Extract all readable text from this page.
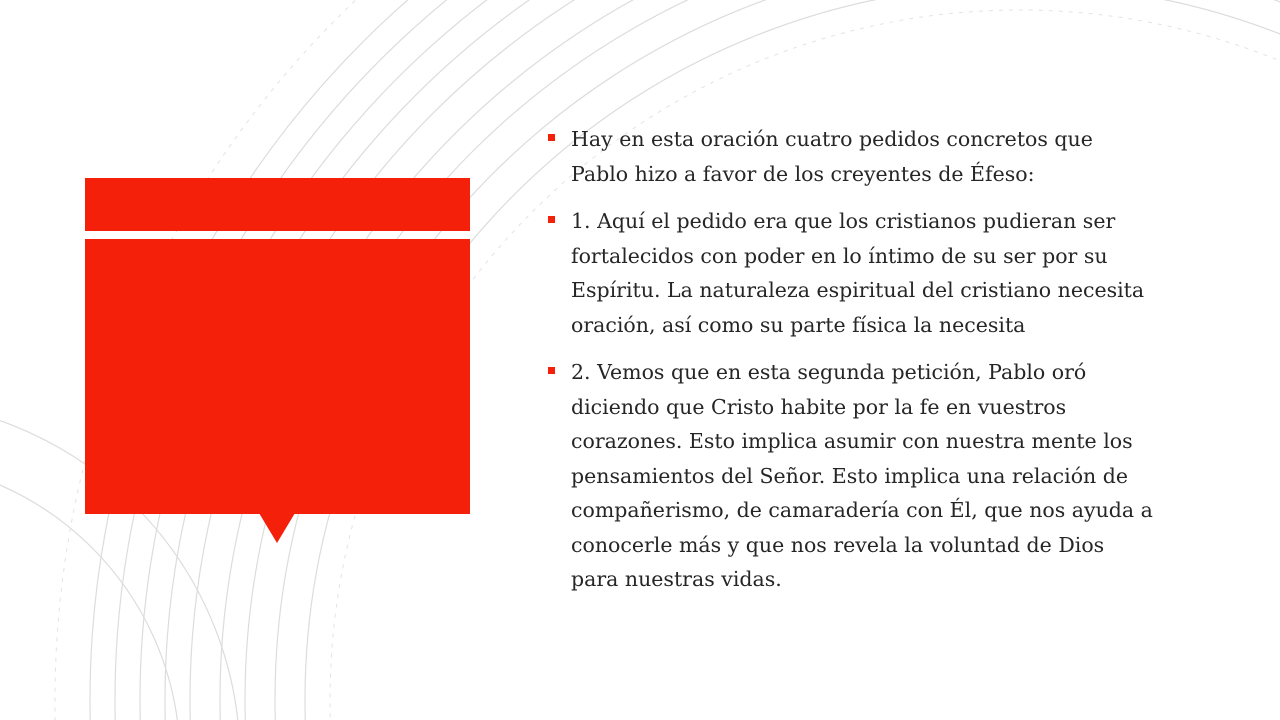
Hay en esta oración cuatro pedidos concretos que
Pablo hizo a favor de los creyentes de Éfeso:
1. Aquí el pedido era que los cristianos pudieran ser
fortalecidos con poder en lo íntimo de su ser por su
Espíritu. La naturaleza espiritual del cristiano necesita
oración, así como su parte física la necesita
2. Vemos que en esta segunda petición, Pablo oró
diciendo que Cristo habite por la fe en vuestros
corazones. Esto implica asumir con nuestra mente los
pensamientos del Señor. Esto implica una relación de
compañerismo, de camaradería con Él, que nos ayuda a
conocerle más y que nos revela la voluntad de Dios
para nuestras vidas.
